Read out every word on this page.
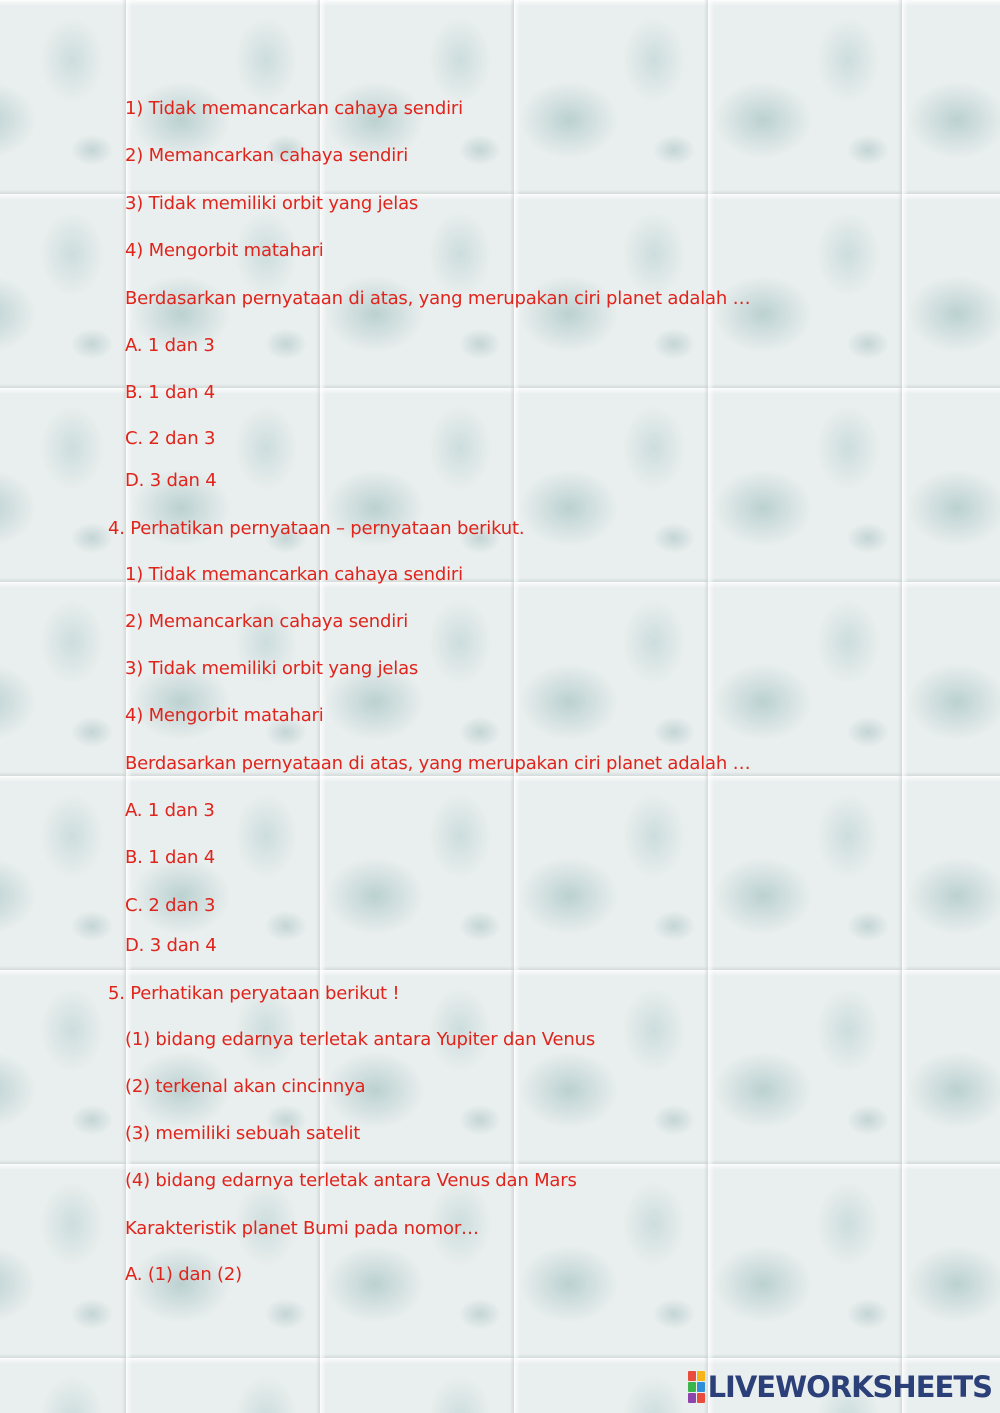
1) Tidak memancarkan cahaya sendiri

2) Memancarkan cahaya sendiri

3) Tidak memiliki orbit yang jelas

4) Mengorbit matahari

Berdasarkan pernyataan di atas, yang merupakan ciri planet adalah …

A. 1 dan 3

B. 1 dan 4

C. 2 dan 3

D. 3 dan 4

4. Perhatikan pernyataan – pernyataan berikut.

1) Tidak memancarkan cahaya sendiri

2) Memancarkan cahaya sendiri

3) Tidak memiliki orbit yang jelas

4) Mengorbit matahari

Berdasarkan pernyataan di atas, yang merupakan ciri planet adalah …

A. 1 dan 3

B. 1 dan 4

C. 2 dan 3

D. 3 dan 4

5. Perhatikan peryataan berikut !

(1) bidang edarnya terletak antara Yupiter dan Venus

(2) terkenal akan cincinnya

(3) memiliki sebuah satelit

(4) bidang edarnya terletak antara Venus dan Mars

Karakteristik planet Bumi pada nomor…

A. (1) dan (2)

LIVEWORKSHEETS
